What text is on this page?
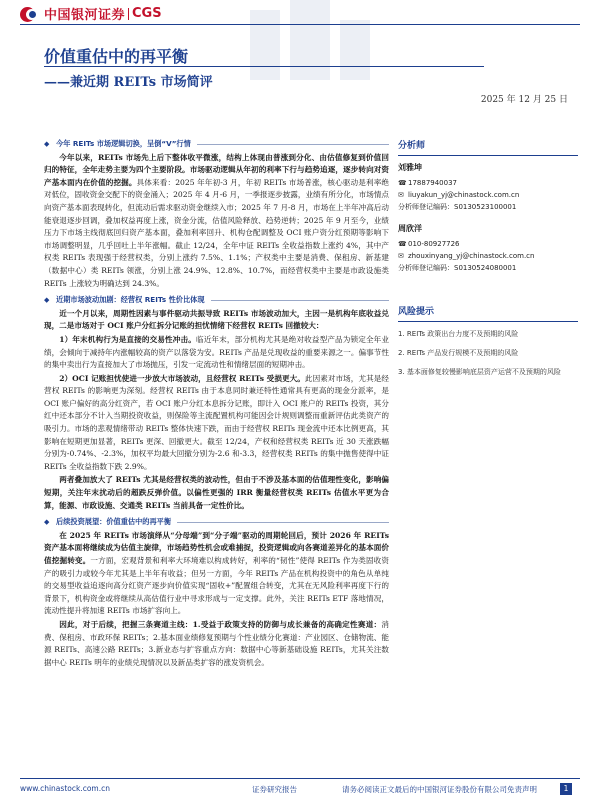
中国银河证券 CGS
价值重估中的再平衡
——兼近期 REITs 市场简评
2025 年 12 月 25 日
◆ 今年 REITs 市场逻辑切换，呈倒“V”行情

今年以来，REITs 市场先上后下整体收平微涨，结构上体现由普涨到分化、由估值修复到价值回归的特征，全年走势主要为四个主要阶段。市场驱动逻辑从年初的利率下行与趋势追逐，逐步转向对资产基本面内在价值的挖掘。具体来看：2025 年年初-3 月，年初 REITs 市场普涨，核心驱动是利率绝对低位，固收资金交配下的资金涌入；2025 年 4 月-6 月，一季报逐步披露，业绩有所分化，市场情点向资产基本面表现转化，但流动后需求驱动资金继续入市；2025 年 7 月-8 月，市场在上半年冲高后动能衰退逐步回调，叠加权益再度上涨，资金分流，估值风险释放、趋势逆转；2025 年 9 月至今，业绩压力下市场主线彻底回归资产基本面，叠加利率回升、机构仓配调整及 OCI 账户资分红预期等影响下市场调整明显，几乎回吐上半年涨幅。截止 12/24，全年中证 REITs 全收益指数上涨约 4%，其中产权类 REITs 表现强于经营权类，分别上涨约 7.5%、1.1%；产权类中主要是消费、保租房、新基建（数据中心）类 REITs 领涨，分别上涨 24.9%、12.8%、10.7%，而经营权类中主要是市政设施类 REITs 上涨较为明确达到 24.3%。

◆ 近期市场波动加剧：经营权 REITs 性价比体现

近一个月以来，周期性因素与事件驱动共振导致 REITs 市场波动加大，主因一是机构年底收益兑现，二是市场对于 OCI 账户分红拆分记账的担忧情绪下经营权 REITs 回撤较大：

1）年末机构行为是直接的交易性冲击。临近年末，部分机构尤其是绝对收益型产品为锁定全年业绩，会倾向于减持年内涨幅较高的资产以落袋为安。REITs 产品是兑现收益的重要来源之一。偏事节性的集中卖出行为直接加大了市场抛压，引发一定流动性和情绪层面的短期冲击。

2）OCI 记账担忧使进一步放大市场波动，且经营权 REITs 受损更大。此因素对市场，尤其是经营权 REITs 的影响更为深刻。经营权 REITs 由于本息同时兼还特性通常具有更高的现金分派率，是 OCI 账户偏好的高分红资产，若 OCI 账户分红本息拆分记账，即计入 OCI 账户的 REITs 投资，其分红中还本部分不计入当期投资收益，则保险等主流配置机构可能因会计规则调整而重新评估此类资产的吸引力。市场的悲观情绪带动 REITs 整体快速下跌，而由于经营权 REITs 现金流中还本比例更高，其影响在短期更加显著，REITs 更深、回撤更大。截至 12/24，产权和经营权类 REITs 近 30 天涨跌幅分别为-0.74%、-2.3%，加权平均最大回撤分别为-2.6 和-3.3，经营权类 REITs 的集中抛售使得中证 REITs 全收益指数下跌 2.9%。

两者叠加放大了 REITs 尤其是经营权类的波动性，但由于不涉及基本面的估值理性变化，影响偏短期，关注年末扰动后的超跌反弹价值。以偏性更强的 IRR 衡量经营权类 REITs 估值水平更为合算，能源、市政设施、交通类 REITs 当前具备一定性价比。

◆ 后续投资展望：价值重估中的再平衡

在 2025 年 REITs 市场演绎从“分母端”到“分子端”驱动的周期轮回后，预计 2026 年 REITs 资产基本面将继续成为估值主旋律，市场趋势性机会或难捕捉，投资逻辑或向各赛道差异化的基本面价值挖掘转变。一方面，宏观背景和利率大环境难以构成转好，利率的“韧性”使得 REITs 作为类固收资产的吸引力或较今年尤其是上半年有收益；但另一方面，今年 REITs 产品在机构投资中的角色从单纯的交易型收益追逐向高分红资产逐步向价值实现“固收+”配置组合转变，尤其在无风险利率再度下行的背景下，机构资金或将继续从高估值行业中寻求形成与一定支撑。此外，关注 REITs ETF 落地情况，流动性提升将加速 REITs 市场扩容向上。

因此，对于后续，把握三条赛道主线：1.受益于政策支持的防御与成长兼备的高确定性赛道：消费、保租房、市政环保 REITs；2.基本面业绩修复预期与个性业绩分化赛道：产业园区、仓储物流、能源 REITs、高速公路 REITs；3.新业态与扩容重点方向：数据中心等新基础设施 REITs，尤其关注数据中心 REITs 明年的业绩兑现情况以及新品类扩容的涨发资机会。

分析师
刘雅坤
☎ 17887940037
✉ liuyakun_yj@chinastock.com.cn
分析师登记编码：S0130523100001
周欣洋
☎ 010-80927726
✉ zhouxinyang_yj@chinastock.com.cn
分析师登记编码：S0130524080001
风险提示
1. REITs 政策出台力度不及预期的风险
2. REITs 产品发行规模不及预期的风险
3. 基本面修复较慢影响底层资产运营不及预期的风险
www.chinastock.com.cn	证券研究报告	请务必阅读正文最后的中国银河证券股份有限公司免责声明	1
